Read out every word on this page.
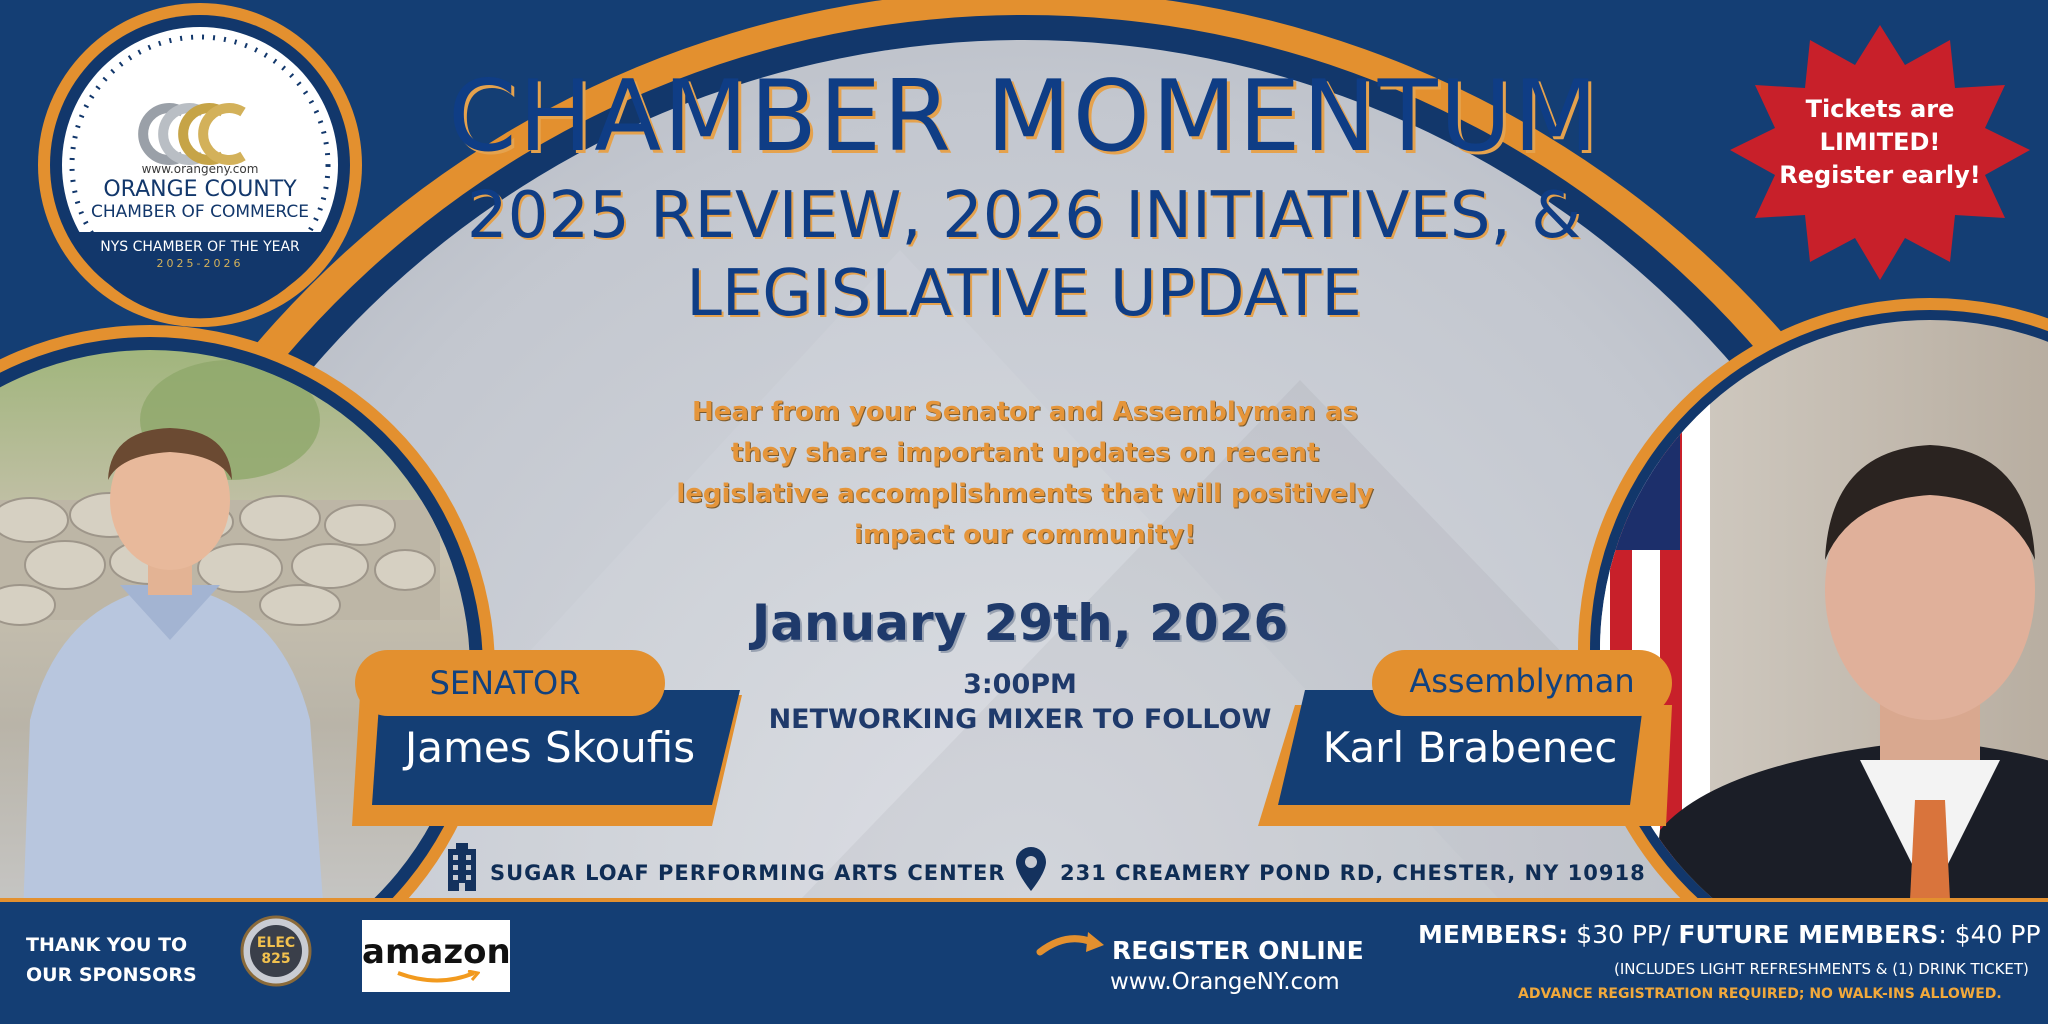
www.orangeny.com
ORANGE COUNTY
CHAMBER OF COMMERCE
NYS CHAMBER OF THE YEAR
2025-2026
Tickets are
LIMITED!
Register early!
CHAMBER MOMENTUM
2025 REVIEW, 2026 INITIATIVES, &
LEGISLATIVE UPDATE
Hear from your Senator and Assemblyman as they share important updates on recent legislative accomplishments that will positively impact our community!
January 29th, 2026
3:00PM
NETWORKING MIXER TO FOLLOW
SENATOR
James Skoufis
Assemblyman
Karl Brabenec
SUGAR LOAF PERFORMING ARTS CENTER	231 CREAMERY POND RD, CHESTER, NY 10918
THANK YOU TO
OUR SPONSORS
ELEC 825	amazon	REGISTER ONLINE
www.OrangeNY.com
MEMBERS: $30 PP/ FUTURE MEMBERS: $40 PP
(INCLUDES LIGHT REFRESHMENTS & (1) DRINK TICKET)
ADVANCE REGISTRATION REQUIRED; NO WALK-INS ALLOWED.
